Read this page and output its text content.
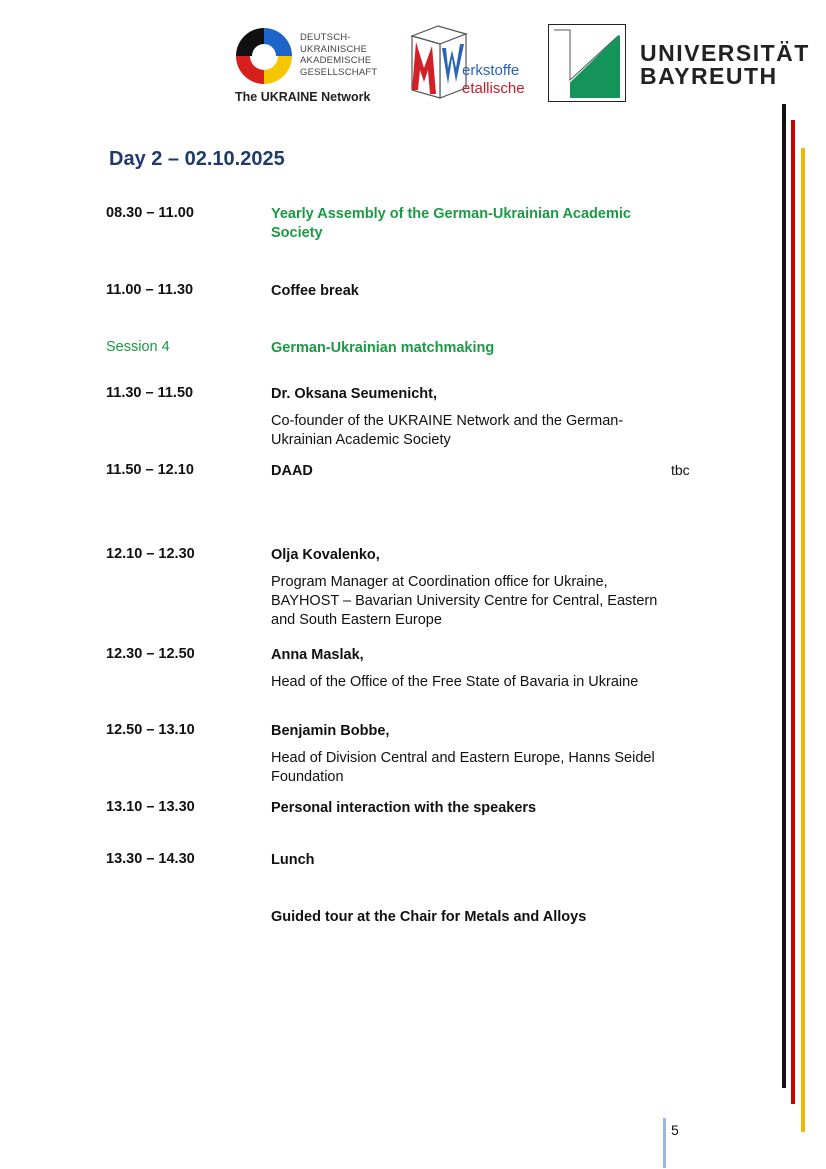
DEUTSCH-
UKRAINISCHE
AKADEMISCHE
GESELLSCHAFT
The UKRAINE Network
erkstoffe
etallische
UNIVERSITÄT
BAYREUTH
Day 2 – 02.10.2025
08.30 – 11.00	Yearly Assembly of the German-Ukrainian Academic Society
11.00 – 11.30	Coffee break
Session 4	German-Ukrainian matchmaking
11.30 – 11.50	Dr. Oksana Seumenicht,
Co-founder of the UKRAINE Network and the German-Ukrainian Academic Society
11.50 – 12.10	DAAD	tbc
12.10 – 12.30	Olja Kovalenko,
Program Manager at Coordination office for Ukraine, BAYHOST – Bavarian University Centre for Central, Eastern and South Eastern Europe
12.30 – 12.50	Anna Maslak,
Head of the Office of the Free State of Bavaria in Ukraine
12.50 – 13.10	Benjamin Bobbe,
Head of Division Central and Eastern Europe, Hanns Seidel Foundation
13.10 – 13.30	Personal interaction with the speakers
13.30 – 14.30	Lunch
Guided tour at the Chair for Metals and Alloys
5
